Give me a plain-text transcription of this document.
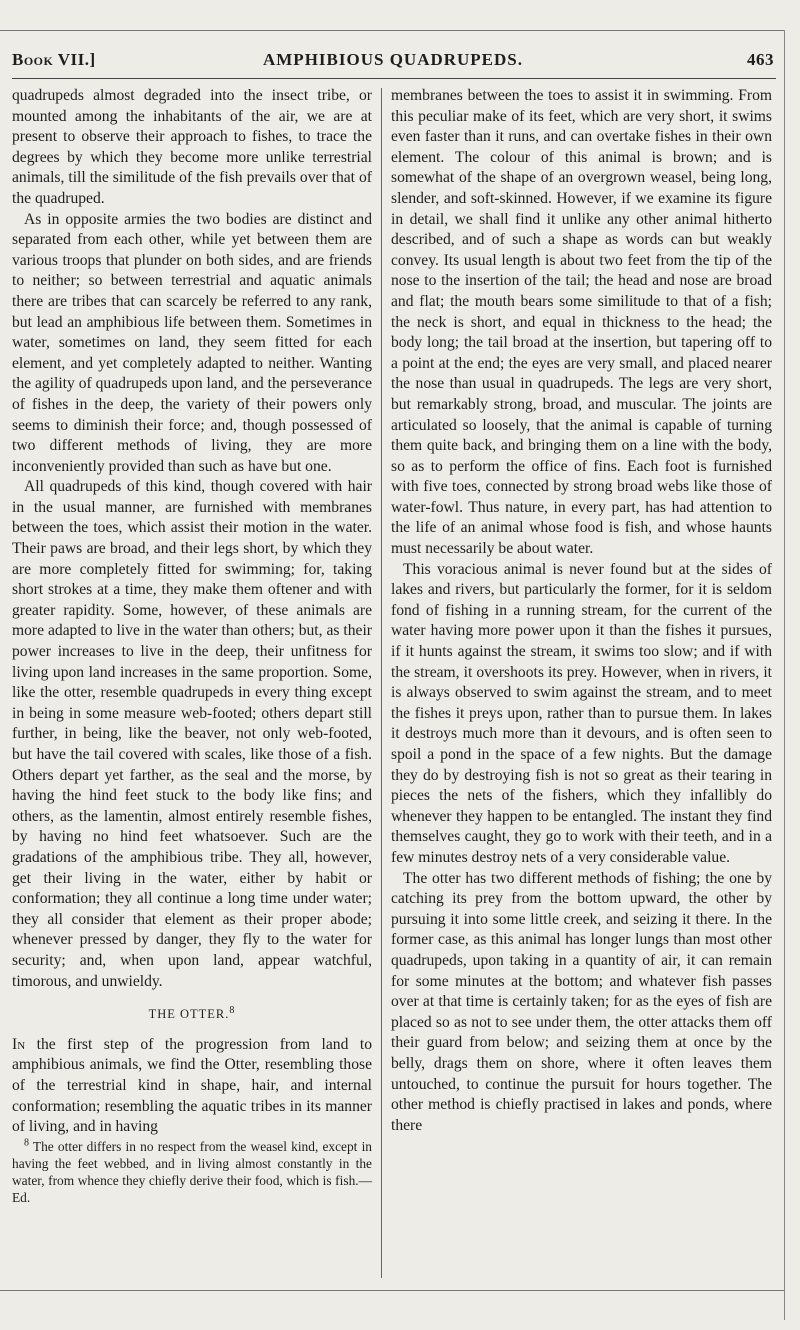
Book VII.]	AMPHIBIOUS QUADRUPEDS.	463

quadrupeds almost degraded into the insect tribe, or mounted among the inhabitants of the air, we are at present to observe their approach to fishes, to trace the degrees by which they become more unlike terrestrial animals, till the similitude of the fish prevails over that of the quadruped.

As in opposite armies the two bodies are distinct and separated from each other, while yet between them are various troops that plunder on both sides, and are friends to neither; so between terrestrial and aquatic animals there are tribes that can scarcely be referred to any rank, but lead an amphibious life between them. Sometimes in water, sometimes on land, they seem fitted for each element, and yet completely adapted to neither. Wanting the agility of quadrupeds upon land, and the perseverance of fishes in the deep, the variety of their powers only seems to diminish their force; and, though possessed of two different methods of living, they are more inconveniently provided than such as have but one.

All quadrupeds of this kind, though covered with hair in the usual manner, are furnished with membranes between the toes, which assist their motion in the water. Their paws are broad, and their legs short, by which they are more completely fitted for swimming; for, taking short strokes at a time, they make them oftener and with greater rapidity. Some, however, of these animals are more adapted to live in the water than others; but, as their power increases to live in the deep, their unfitness for living upon land increases in the same proportion. Some, like the otter, resemble quadrupeds in every thing except in being in some measure web-footed; others depart still further, in being, like the beaver, not only web-footed, but have the tail covered with scales, like those of a fish. Others depart yet farther, as the seal and the morse, by having the hind feet stuck to the body like fins; and others, as the lamentin, almost entirely resemble fishes, by having no hind feet whatsoever. Such are the gradations of the amphibious tribe. They all, however, get their living in the water, either by habit or conformation; they all continue a long time under water; they all consider that element as their proper abode; whenever pressed by danger, they fly to the water for security; and, when upon land, appear watchful, timorous, and unwieldy.

THE OTTER.$^8$

In the first step of the progression from land to amphibious animals, we find the Otter, resembling those of the terrestrial kind in shape, hair, and internal conformation; resembling the aquatic tribes in its manner of living, and in having

$^8$ The otter differs in no respect from the weasel kind, except in having the feet webbed, and in living almost constantly in the water, from whence they chiefly derive their food, which is fish.—Ed.

membranes between the toes to assist it in swimming. From this peculiar make of its feet, which are very short, it swims even faster than it runs, and can overtake fishes in their own element. The colour of this animal is brown; and is somewhat of the shape of an overgrown weasel, being long, slender, and soft-skinned. However, if we examine its figure in detail, we shall find it unlike any other animal hitherto described, and of such a shape as words can but weakly convey. Its usual length is about two feet from the tip of the nose to the insertion of the tail; the head and nose are broad and flat; the mouth bears some similitude to that of a fish; the neck is short, and equal in thickness to the head; the body long; the tail broad at the insertion, but tapering off to a point at the end; the eyes are very small, and placed nearer the nose than usual in quadrupeds. The legs are very short, but remarkably strong, broad, and muscular. The joints are articulated so loosely, that the animal is capable of turning them quite back, and bringing them on a line with the body, so as to perform the office of fins. Each foot is furnished with five toes, connected by strong broad webs like those of water-fowl. Thus nature, in every part, has had attention to the life of an animal whose food is fish, and whose haunts must necessarily be about water.

This voracious animal is never found but at the sides of lakes and rivers, but particularly the former, for it is seldom fond of fishing in a running stream, for the current of the water having more power upon it than the fishes it pursues, if it hunts against the stream, it swims too slow; and if with the stream, it overshoots its prey. However, when in rivers, it is always observed to swim against the stream, and to meet the fishes it preys upon, rather than to pursue them. In lakes it destroys much more than it devours, and is often seen to spoil a pond in the space of a few nights. But the damage they do by destroying fish is not so great as their tearing in pieces the nets of the fishers, which they infallibly do whenever they happen to be entangled. The instant they find themselves caught, they go to work with their teeth, and in a few minutes destroy nets of a very considerable value.

The otter has two different methods of fishing; the one by catching its prey from the bottom upward, the other by pursuing it into some little creek, and seizing it there. In the former case, as this animal has longer lungs than most other quadrupeds, upon taking in a quantity of air, it can remain for some minutes at the bottom; and whatever fish passes over at that time is certainly taken; for as the eyes of fish are placed so as not to see under them, the otter attacks them off their guard from below; and seizing them at once by the belly, drags them on shore, where it often leaves them untouched, to continue the pursuit for hours together. The other method is chiefly practised in lakes and ponds, where there
